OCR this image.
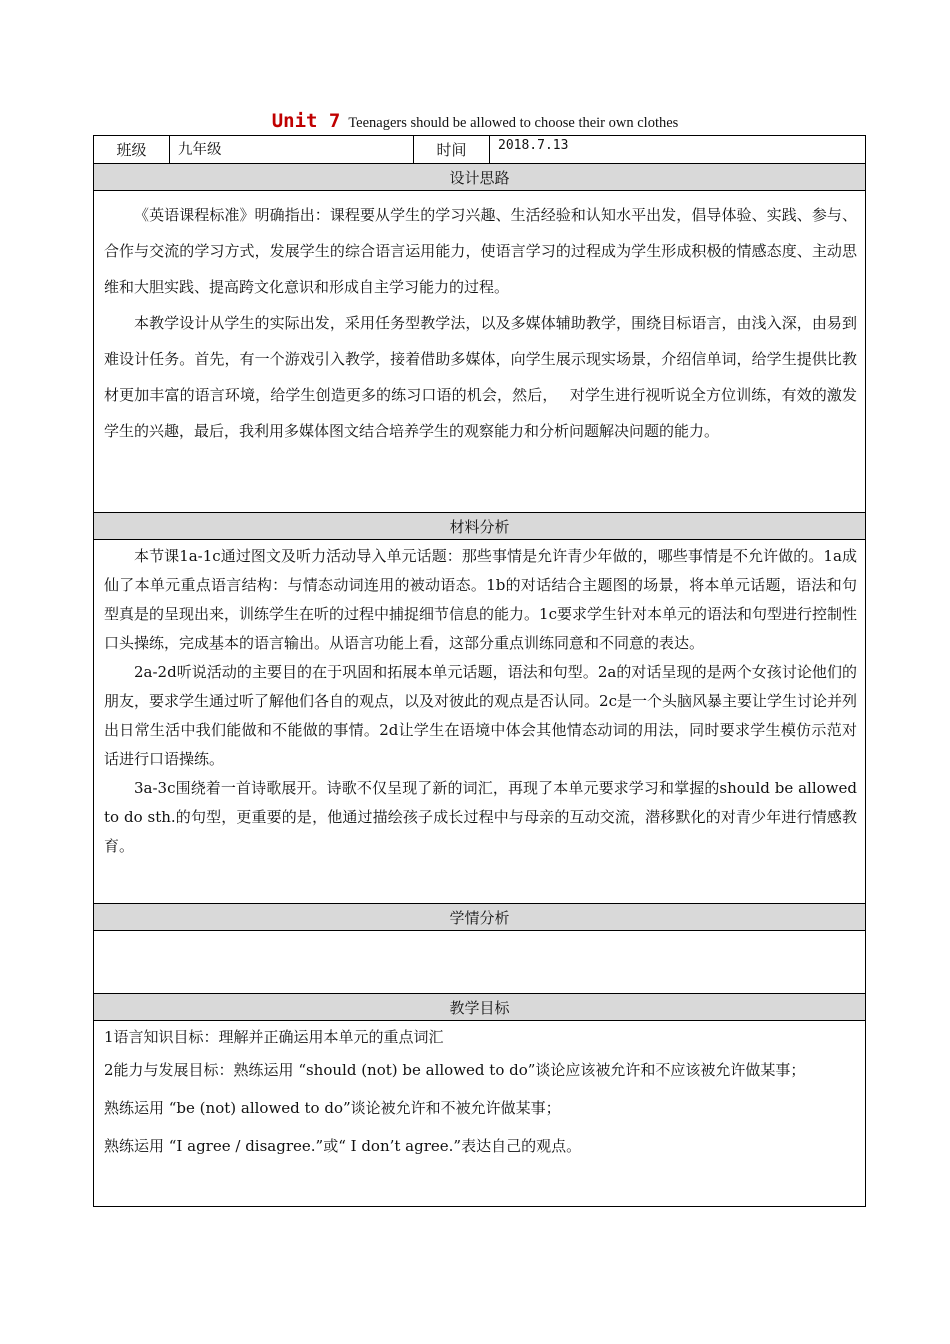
Unit 7 Teenagers should be allowed to choose their own clothes
班级	九年级	时间	2018.7.13
设计思路

《英语课程标准》明确指出：课程要从学生的学习兴趣、生活经验和认知水平出发，倡导体验、实践、参与、合作与交流的学习方式，发展学生的综合语言运用能力，使语言学习的过程成为学生形成积极的情感态度、主动思维和大胆实践、提高跨文化意识和形成自主学习能力的过程。

本教学设计从学生的实际出发，采用任务型教学法，以及多媒体辅助教学，围绕目标语言，由浅入深，由易到难设计任务。首先，有一个游戏引入教学，接着借助多媒体，向学生展示现实场景，介绍信单词，给学生提供比教材更加丰富的语言环境，给学生创造更多的练习口语的机会，然后，　 对学生进行视听说全方位训练，有效的激发学生的兴趣，最后，我利用多媒体图文结合培养学生的观察能力和分析问题解决问题的能力。

材料分析

本节课1a-1c通过图文及听力活动导入单元话题：那些事情是允许青少年做的，哪些事情是不允许做的。1a成仙了本单元重点语言结构：与情态动词连用的被动语态。1b的对话结合主题图的场景，将本单元话题，语法和句型真是的呈现出来，训练学生在听的过程中捕捉细节信息的能力。1c要求学生针对本单元的语法和句型进行控制性口头操练，完成基本的语言输出。从语言功能上看，这部分重点训练同意和不同意的表达。

2a-2d听说活动的主要目的在于巩固和拓展本单元话题，语法和句型。2a的对话呈现的是两个女孩讨论他们的朋友，要求学生通过听了解他们各自的观点，以及对彼此的观点是否认同。2c是一个头脑风暴主要让学生讨论并列出日常生活中我们能做和不能做的事情。2d让学生在语境中体会其他情态动词的用法，同时要求学生模仿示范对话进行口语操练。

3a-3c围绕着一首诗歌展开。诗歌不仅呈现了新的词汇，再现了本单元要求学习和掌握的should be allowed to do sth.的句型，更重要的是，他通过描绘孩子成长过程中与母亲的互动交流，潜移默化的对青少年进行情感教育。

学情分析

教学目标

1语言知识目标：理解并正确运用本单元的重点词汇

2能力与发展目标：熟练运用 “should (not) be allowed to do”谈论应该被允许和不应该被允许做某事；

熟练运用 “be (not) allowed to do”谈论被允许和不被允许做某事；

熟练运用 “I agree / disagree.”或“ I don’t agree.”表达自己的观点。
